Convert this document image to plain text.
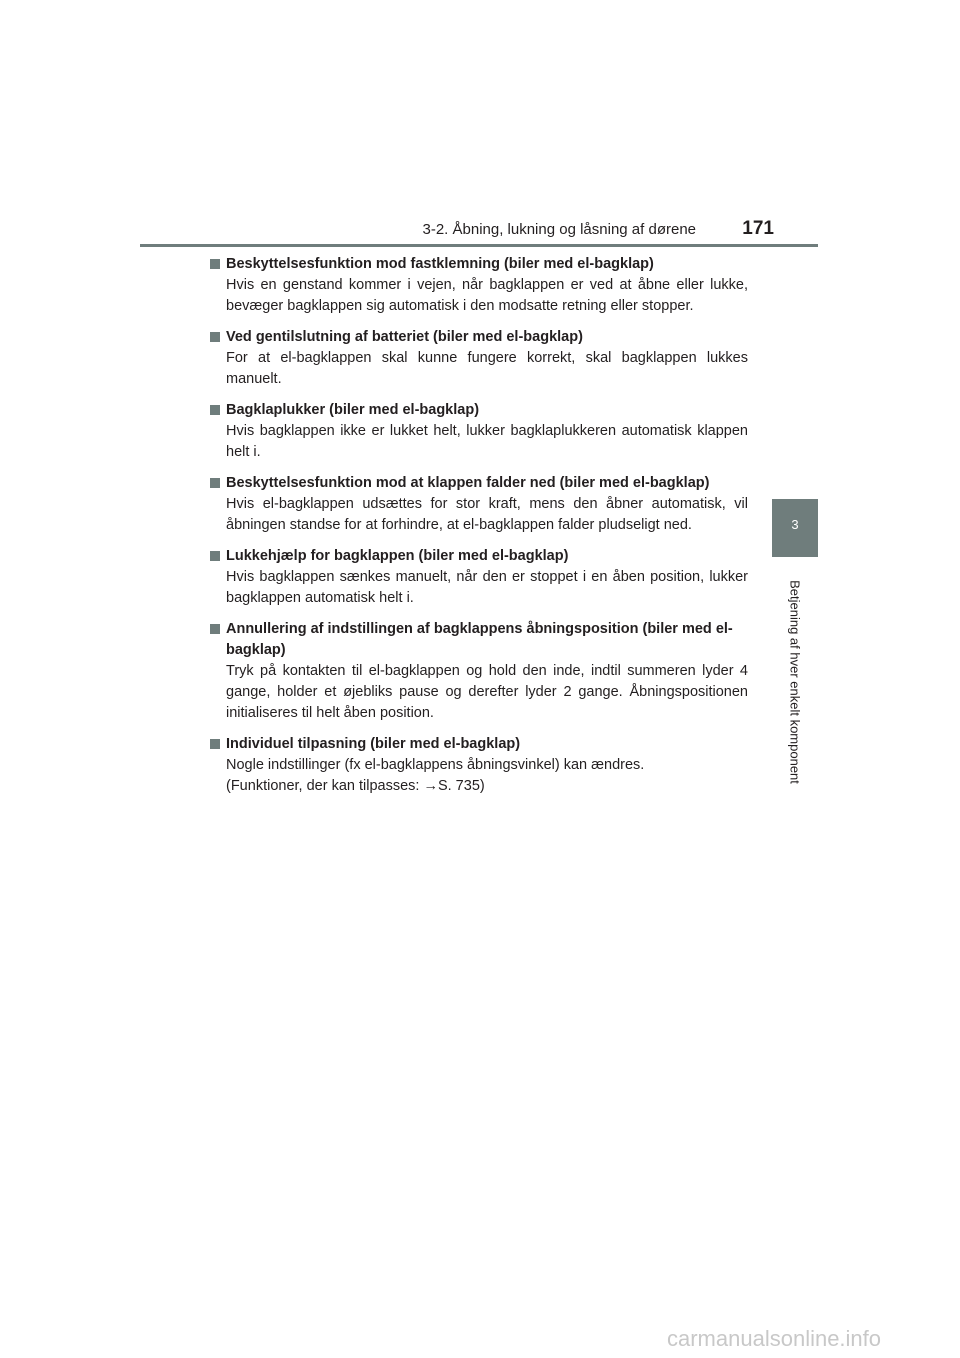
3-2. Åbning, lukning og låsning af dørene 171
3
Betjening af hver enkelt komponent
Beskyttelsesfunktion mod fastklemning (biler med el-bagklap)
Hvis en genstand kommer i vejen, når bagklappen er ved at åbne eller lukke, bevæger bagklappen sig automatisk i den modsatte retning eller stopper.
Ved gentilslutning af batteriet (biler med el-bagklap)
For at el-bagklappen skal kunne fungere korrekt, skal bagklappen lukkes manuelt.
Bagklaplukker (biler med el-bagklap)
Hvis bagklappen ikke er lukket helt, lukker bagklaplukkeren automatisk klappen helt i.
Beskyttelsesfunktion mod at klappen falder ned (biler med el-bagklap)
Hvis el-bagklappen udsættes for stor kraft, mens den åbner automatisk, vil åbningen standse for at forhindre, at el-bagklappen falder pludseligt ned.
Lukkehjælp for bagklappen (biler med el-bagklap)
Hvis bagklappen sænkes manuelt, når den er stoppet i en åben position, lukker bagklappen automatisk helt i.
Annullering af indstillingen af bagklappens åbningsposition (biler med el-bagklap)
Tryk på kontakten til el-bagklappen og hold den inde, indtil summeren lyder 4 gange, holder et øjebliks pause og derefter lyder 2 gange. Åbningspositionen initialiseres til helt åben position.
Individuel tilpasning (biler med el-bagklap)
Nogle indstillinger (fx el-bagklappens åbningsvinkel) kan ændres.
(Funktioner, der kan tilpasses: →S. 735)
carmanualsonline.info
